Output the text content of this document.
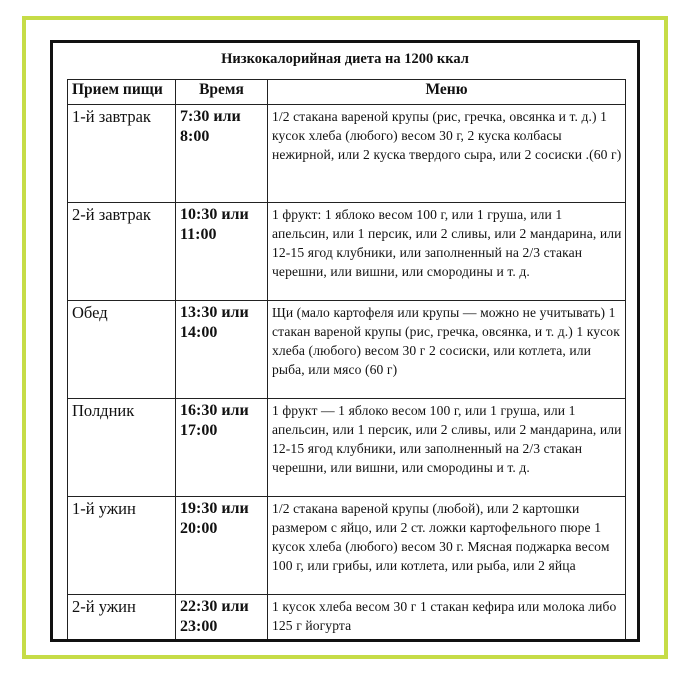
Низкокалорийная диета на 1200 ккал
Прием пищи	Время	Меню
1-й завтрак	7:30 или 8:00	1/2 стакана вареной крупы (рис, гречка, овсянка и т. д.) 1 кусок хлеба (любого) весом 30 г, 2 куска колбасы нежирной, или 2 куска твердого сыра, или 2 сосиски .(60 г)
2-й завтрак	10:30 или 11:00	1 фрукт: 1 яблоко весом 100 г, или 1 груша, или 1 апельсин, или 1 персик, или 2 сливы, или 2 мандарина, или 12-15 ягод клубники, или заполненный на 2/3 стакан черешни, или вишни, или смородины и т. д.
Обед	13:30 или 14:00	Щи (мало картофеля или крупы — можно не учитывать) 1 стакан вареной крупы (рис, гречка, овсянка, и т. д.) 1 кусок хлеба (любого) весом 30 г 2 сосиски, или котлета, или рыба, или мясо (60 г)
Полдник	16:30 или 17:00	1 фрукт — 1 яблоко весом 100 г, или 1 груша, или 1 апельсин, или 1 персик, или 2 сливы, или 2 мандарина, или 12-15 ягод клубники, или заполненный на 2/3 стакан черешни, или вишни, или смородины и т. д.
1-й ужин	19:30 или 20:00	1/2 стакана вареной крупы (любой), или 2 картошки размером с яйцо, или 2 ст. ложки картофельного пюре 1 кусок хлеба (любого) весом 30 г. Мясная поджарка весом 100 г, или грибы, или котлета, или рыба, или 2 яйца
2-й ужин	22:30 или 23:00	1 кусок хлеба весом 30 г 1 стакан кефира или молока либо 125 г йогурта
